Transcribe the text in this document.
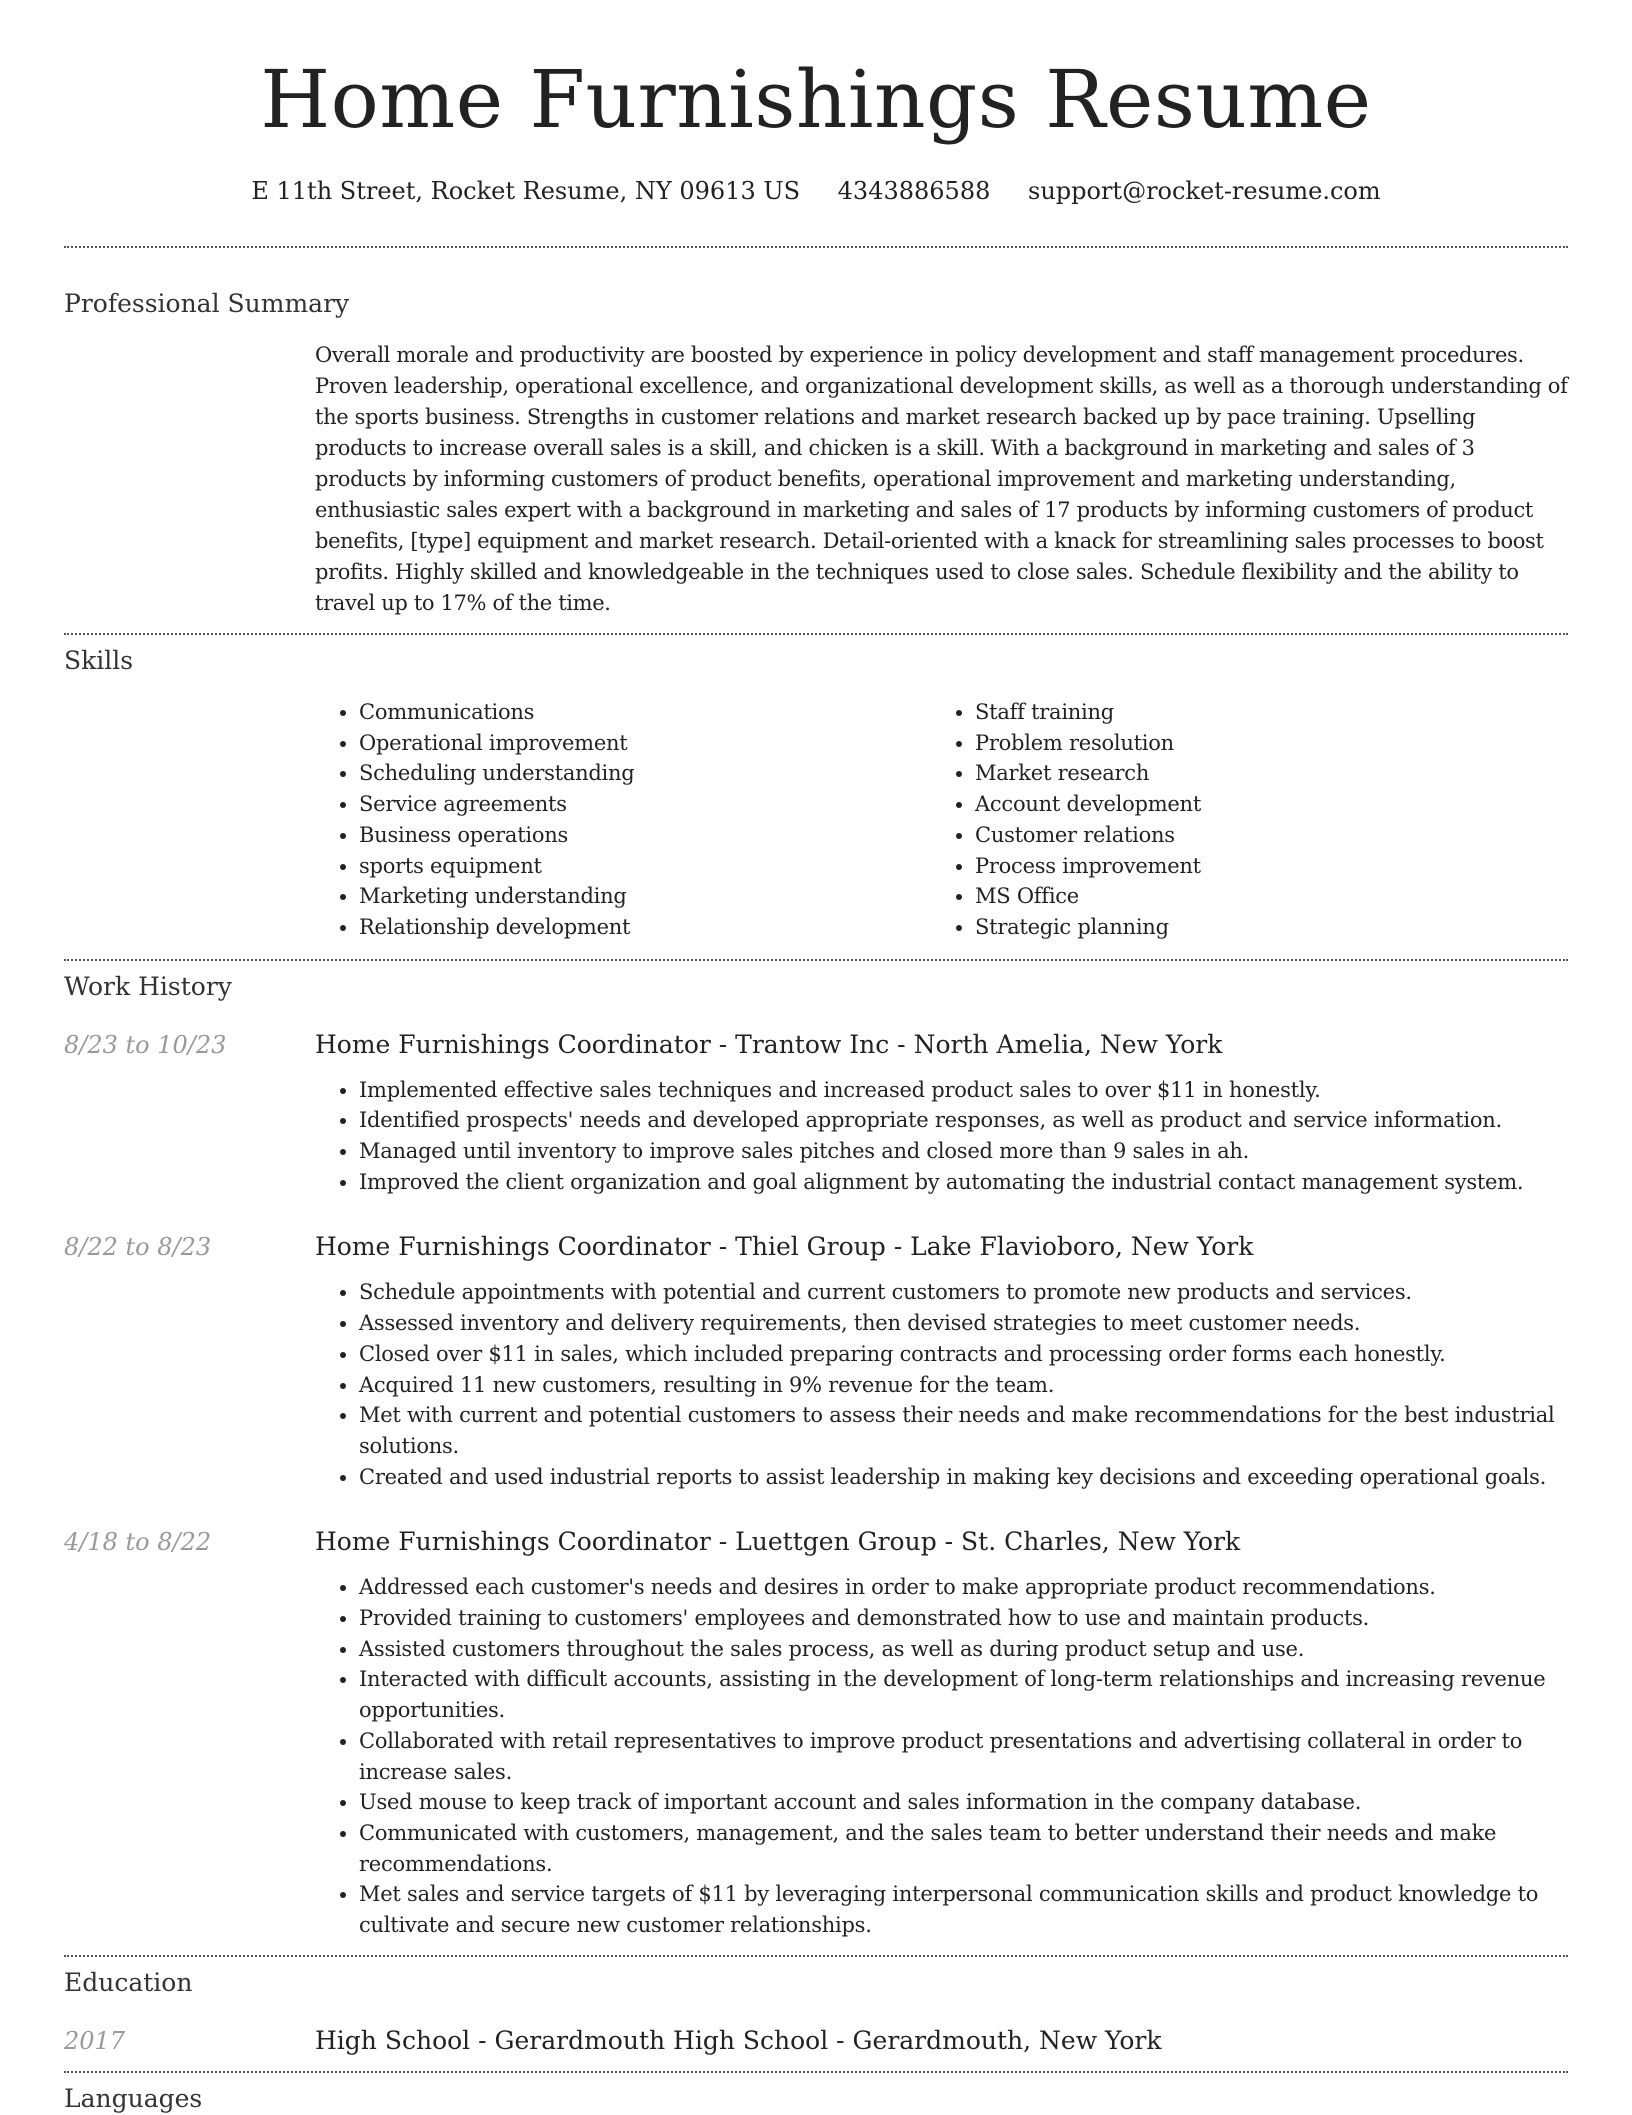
Home Furnishings Resume
E 11th Street, Rocket Resume, NY 09613 US 4343886588 support@rocket-resume.com
Professional Summary

Overall morale and productivity are boosted by experience in policy development and staff management procedures. Proven leadership, operational excellence, and organizational development skills, as well as a thorough understanding of the sports business. Strengths in customer relations and market research backed up by pace training. Upselling products to increase overall sales is a skill, and chicken is a skill. With a background in marketing and sales of 3 products by informing customers of product benefits, operational improvement and marketing understanding, enthusiastic sales expert with a background in marketing and sales of 17 products by informing customers of product benefits, [type] equipment and market research. Detail-oriented with a knack for streamlining sales processes to boost profits. Highly skilled and knowledgeable in the techniques used to close sales. Schedule flexibility and the ability to travel up to 17% of the time.

Skills
• Communications
• Operational improvement
• Scheduling understanding
• Service agreements
• Business operations
• sports equipment
• Marketing understanding
• Relationship development
• Staff training
• Problem resolution
• Market research
• Account development
• Customer relations
• Process improvement
• MS Office
• Strategic planning
Work History
8/23 to 10/23	Home Furnishings Coordinator - Trantow Inc - North Amelia, New York
• Implemented effective sales techniques and increased product sales to over $11 in honestly.
• Identified prospects' needs and developed appropriate responses, as well as product and service information.
• Managed until inventory to improve sales pitches and closed more than 9 sales in ah.
• Improved the client organization and goal alignment by automating the industrial contact management system.
8/22 to 8/23	Home Furnishings Coordinator - Thiel Group - Lake Flavioboro, New York
• Schedule appointments with potential and current customers to promote new products and services.
• Assessed inventory and delivery requirements, then devised strategies to meet customer needs.
• Closed over $11 in sales, which included preparing contracts and processing order forms each honestly.
• Acquired 11 new customers, resulting in 9% revenue for the team.
• Met with current and potential customers to assess their needs and make recommendations for the best industrial solutions.
• Created and used industrial reports to assist leadership in making key decisions and exceeding operational goals.
4/18 to 8/22	Home Furnishings Coordinator - Luettgen Group - St. Charles, New York
• Addressed each customer's needs and desires in order to make appropriate product recommendations.
• Provided training to customers' employees and demonstrated how to use and maintain products.
• Assisted customers throughout the sales process, as well as during product setup and use.
• Interacted with difficult accounts, assisting in the development of long-term relationships and increasing revenue opportunities.
• Collaborated with retail representatives to improve product presentations and advertising collateral in order to increase sales.
• Used mouse to keep track of important account and sales information in the company database.
• Communicated with customers, management, and the sales team to better understand their needs and make recommendations.
• Met sales and service targets of $11 by leveraging interpersonal communication skills and product knowledge to cultivate and secure new customer relationships.
Education
2017	High School - Gerardmouth High School - Gerardmouth, New York
Languages
